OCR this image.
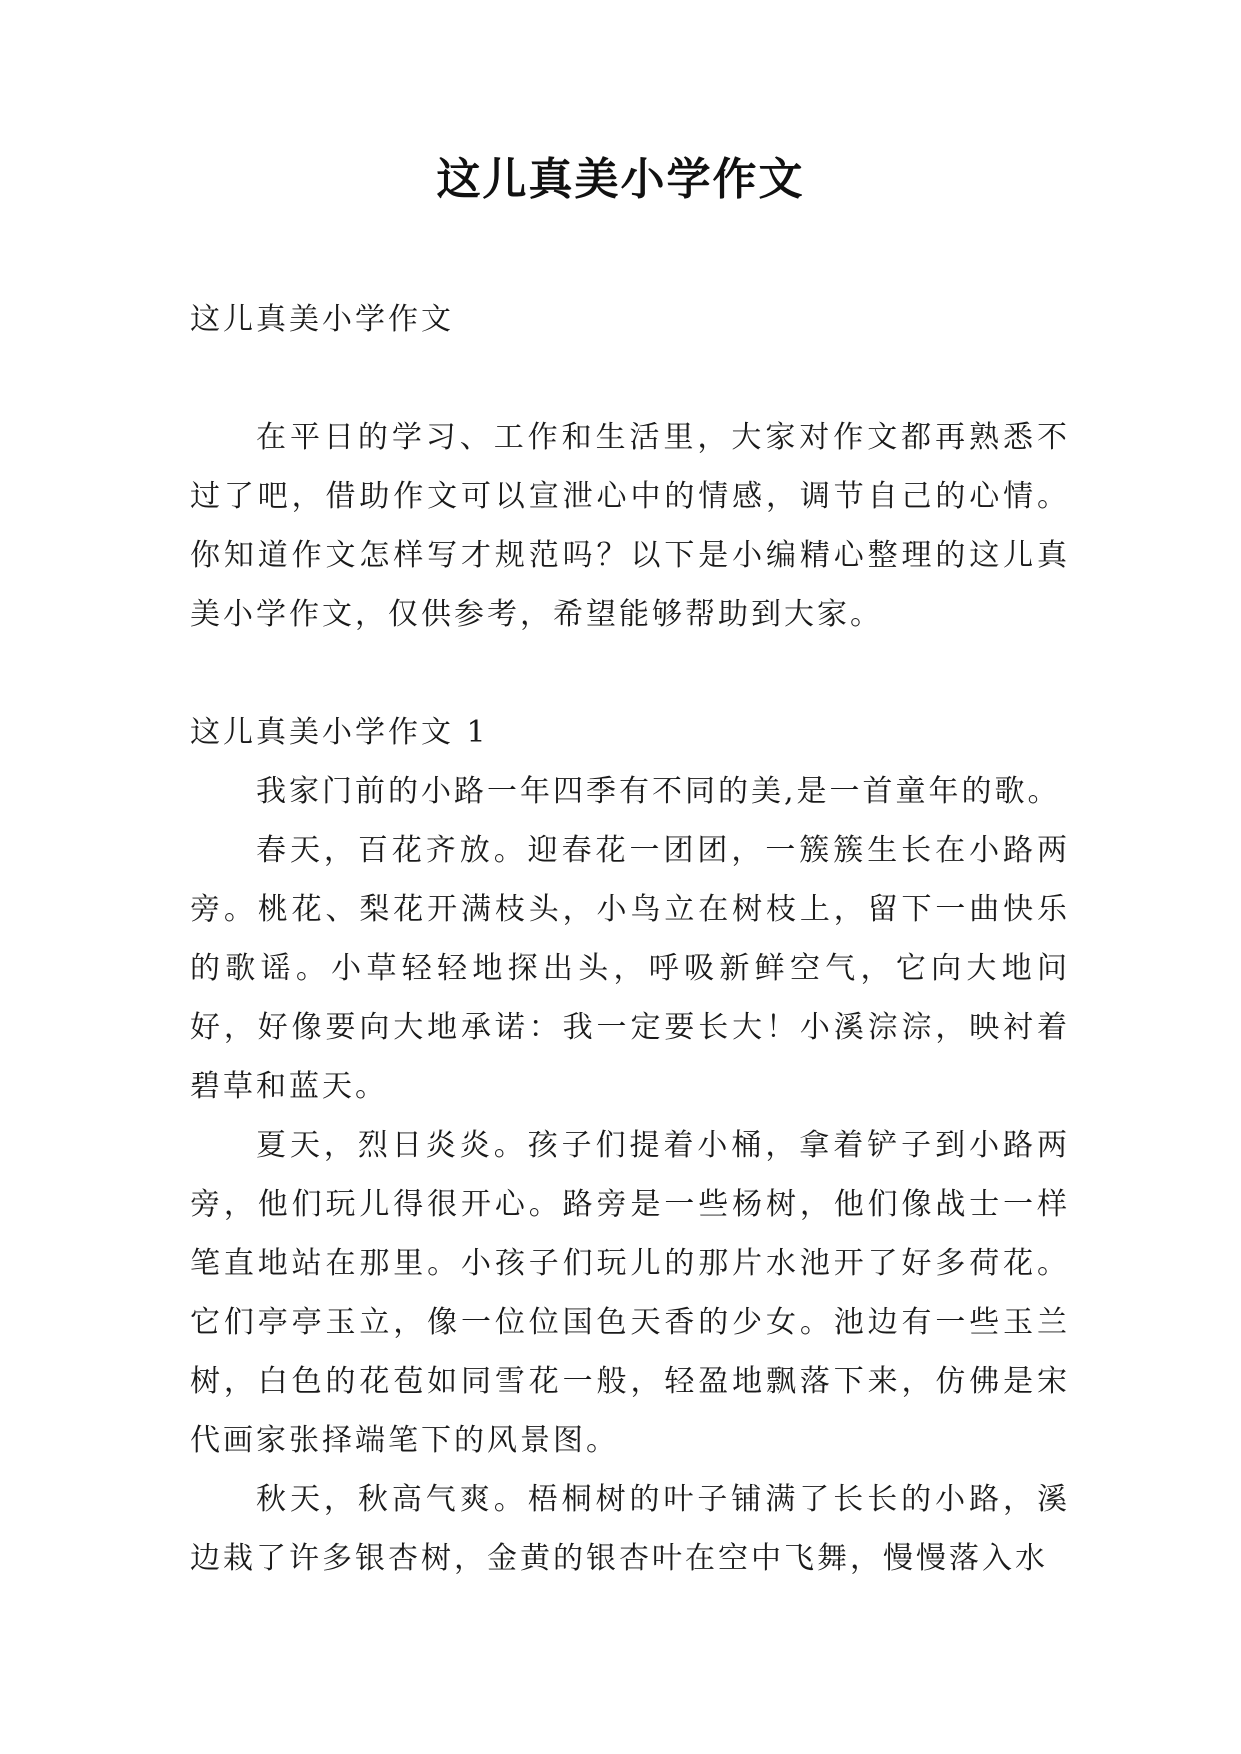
这儿真美小学作文

这儿真美小学作文

在平日的学习、工作和生活里，大家对作文都再熟悉不过了吧，借助作文可以宣泄心中的情感，调节自己的心情。你知道作文怎样写才规范吗？以下是小编精心整理的这儿真美小学作文，仅供参考，希望能够帮助到大家。

这儿真美小学作文 1

我家门前的小路一年四季有不同的美,是一首童年的歌。

春天，百花齐放。迎春花一团团，一簇簇生长在小路两旁。桃花、梨花开满枝头，小鸟立在树枝上，留下一曲快乐的歌谣。小草轻轻地探出头，呼吸新鲜空气，它向大地问好，好像要向大地承诺：我一定要长大！小溪淙淙，映衬着碧草和蓝天。

夏天，烈日炎炎。孩子们提着小桶，拿着铲子到小路两旁，他们玩儿得很开心。路旁是一些杨树，他们像战士一样笔直地站在那里。小孩子们玩儿的那片水池开了好多荷花。它们亭亭玉立，像一位位国色天香的少女。池边有一些玉兰树，白色的花苞如同雪花一般，轻盈地飘落下来，仿佛是宋代画家张择端笔下的风景图。

秋天，秋高气爽。梧桐树的叶子铺满了长长的小路，溪边栽了许多银杏树，金黄的银杏叶在空中飞舞，慢慢落入水
